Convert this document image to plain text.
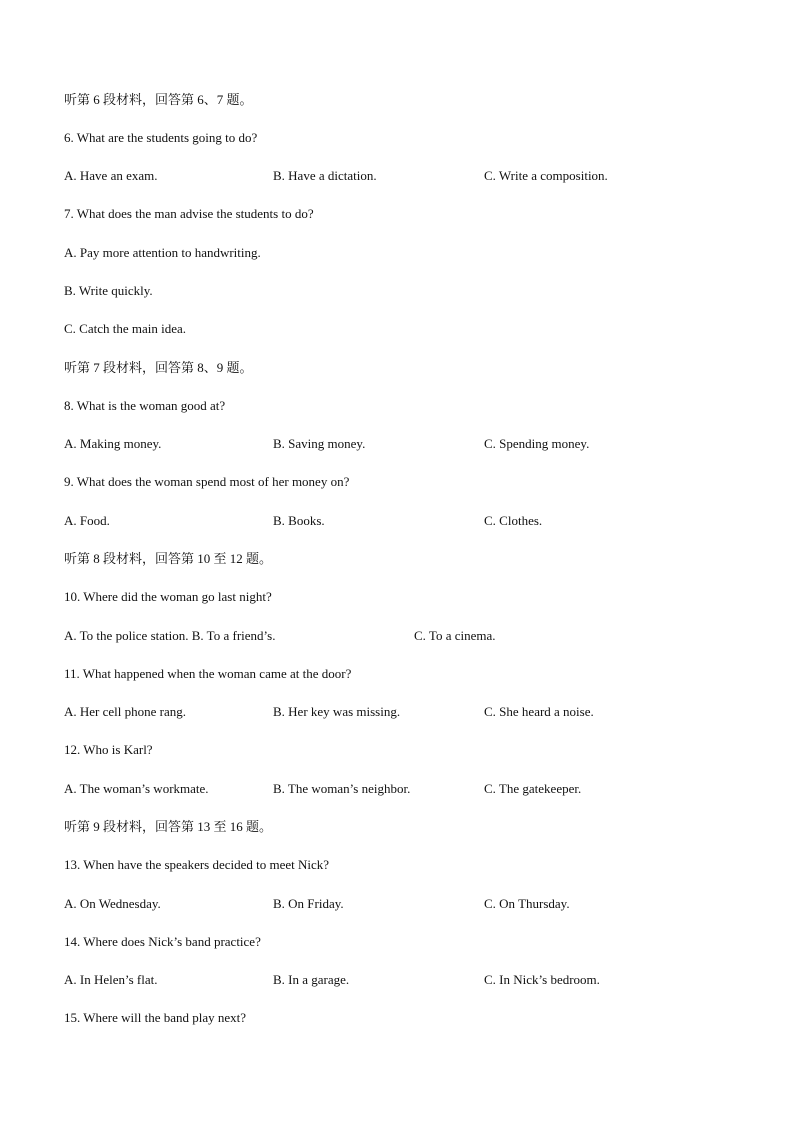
听第 6 段材料，回答第 6、7 题。
6. What are the students going to do?
A. Have an exam.	B. Have a dictation.	C. Write a composition.
7. What does the man advise the students to do?
A. Pay more attention to handwriting.
B. Write quickly.
C. Catch the main idea.
听第 7 段材料，回答第 8、9 题。
8. What is the woman good at?
A. Making money.	B. Saving money.	C. Spending money.
9. What does the woman spend most of her money on?
A. Food.	B. Books.	C. Clothes.
听第 8 段材料，回答第 10 至 12 题。
10. Where did the woman go last night?
A. To the police station. B. To a friend’s.	C. To a cinema.
11. What happened when the woman came at the door?
A. Her cell phone rang.	B. Her key was missing.	C. She heard a noise.
12. Who is Karl?
A. The woman’s workmate.	B. The woman’s neighbor.	C. The gatekeeper.
听第 9 段材料，回答第 13 至 16 题。
13. When have the speakers decided to meet Nick?
A. On Wednesday.	B. On Friday.	C. On Thursday.
14. Where does Nick’s band practice?
A. In Helen’s flat.	B. In a garage.	C. In Nick’s bedroom.
15. Where will the band play next?
